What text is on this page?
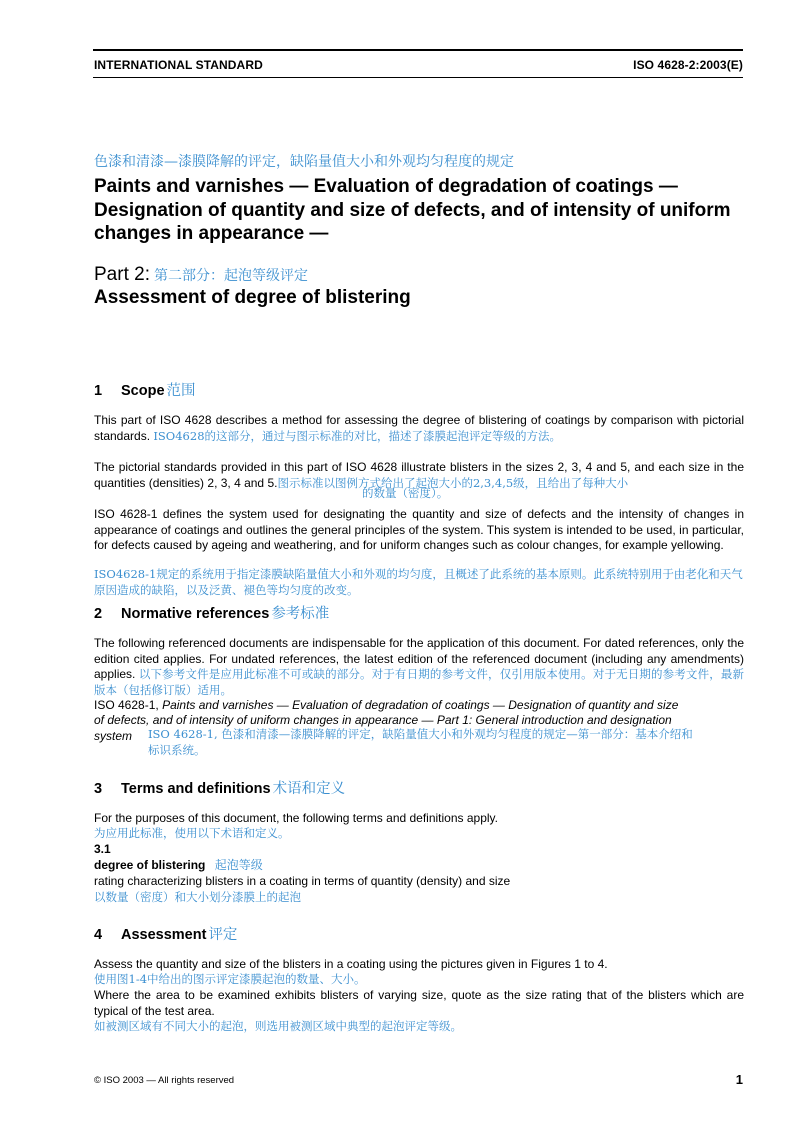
INTERNATIONAL STANDARD	ISO 4628-2:2003(E)
色漆和清漆—漆膜降解的评定，缺陷量值大小和外观均匀程度的规定
Paints and varnishes — Evaluation of degradation of coatings — Designation of quantity and size of defects, and of intensity of uniform changes in appearance —
Part 2: 第二部分：起泡等级评定
Assessment of degree of blistering
1 Scope 范围
This part of ISO 4628 describes a method for assessing the degree of blistering of coatings by comparison with pictorial standards. ISO4628的这部分，通过与图示标准的对比，描述了漆膜起泡评定等级的方法。
The pictorial standards provided in this part of ISO 4628 illustrate blisters in the sizes 2, 3, 4 and 5, and each size in the quantities (densities) 2, 3, 4 and 5.图示标准以图例方式给出了起泡大小的2,3,4,5级，且给出了每种大小
的数量（密度）。
ISO 4628-1 defines the system used for designating the quantity and size of defects and the intensity of changes in appearance of coatings and outlines the general principles of the system. This system is intended to be used, in particular, for defects caused by ageing and weathering, and for uniform changes such as colour changes, for example yellowing.
ISO4628-1规定的系统用于指定漆膜缺陷量值大小和外观的均匀度，且概述了此系统的基本原则。此系统特别用于由老化和天气原因造成的缺陷，以及泛黄、褪色等均匀度的改变。
2 Normative references 参考标准
The following referenced documents are indispensable for the application of this document. For dated references, only the edition cited applies. For undated references, the latest edition of the referenced document (including any amendments) applies. 以下参考文件是应用此标准不可或缺的部分。对于有日期的参考文件，仅引用版本使用。对于无日期的参考文件，最新版本（包括修订版）适用。
ISO 4628-1, Paints and varnishes — Evaluation of degradation of coatings — Designation of quantity and size
of defects, and of intensity of uniform changes in appearance — Part 1: General introduction and designation
system ISO 4628-1, 色漆和清漆—漆膜降解的评定，缺陷量值大小和外观均匀程度的规定—第一部分：基本介绍和
标识系统。
3 Terms and definitions 术语和定义
For the purposes of this document, the following terms and definitions apply.
为应用此标准，使用以下术语和定义。
3.1
degree of blistering 起泡等级
rating characterizing blisters in a coating in terms of quantity (density) and size
以数量（密度）和大小划分漆膜上的起泡
4 Assessment 评定
Assess the quantity and size of the blisters in a coating using the pictures given in Figures 1 to 4.
使用图1-4中给出的图示评定漆膜起泡的数量、大小。
Where the area to be examined exhibits blisters of varying size, quote as the size rating that of the blisters which are typical of the test area.
如被测区域有不同大小的起泡，则选用被测区域中典型的起泡评定等级。
© ISO 2003 — All rights reserved	1
